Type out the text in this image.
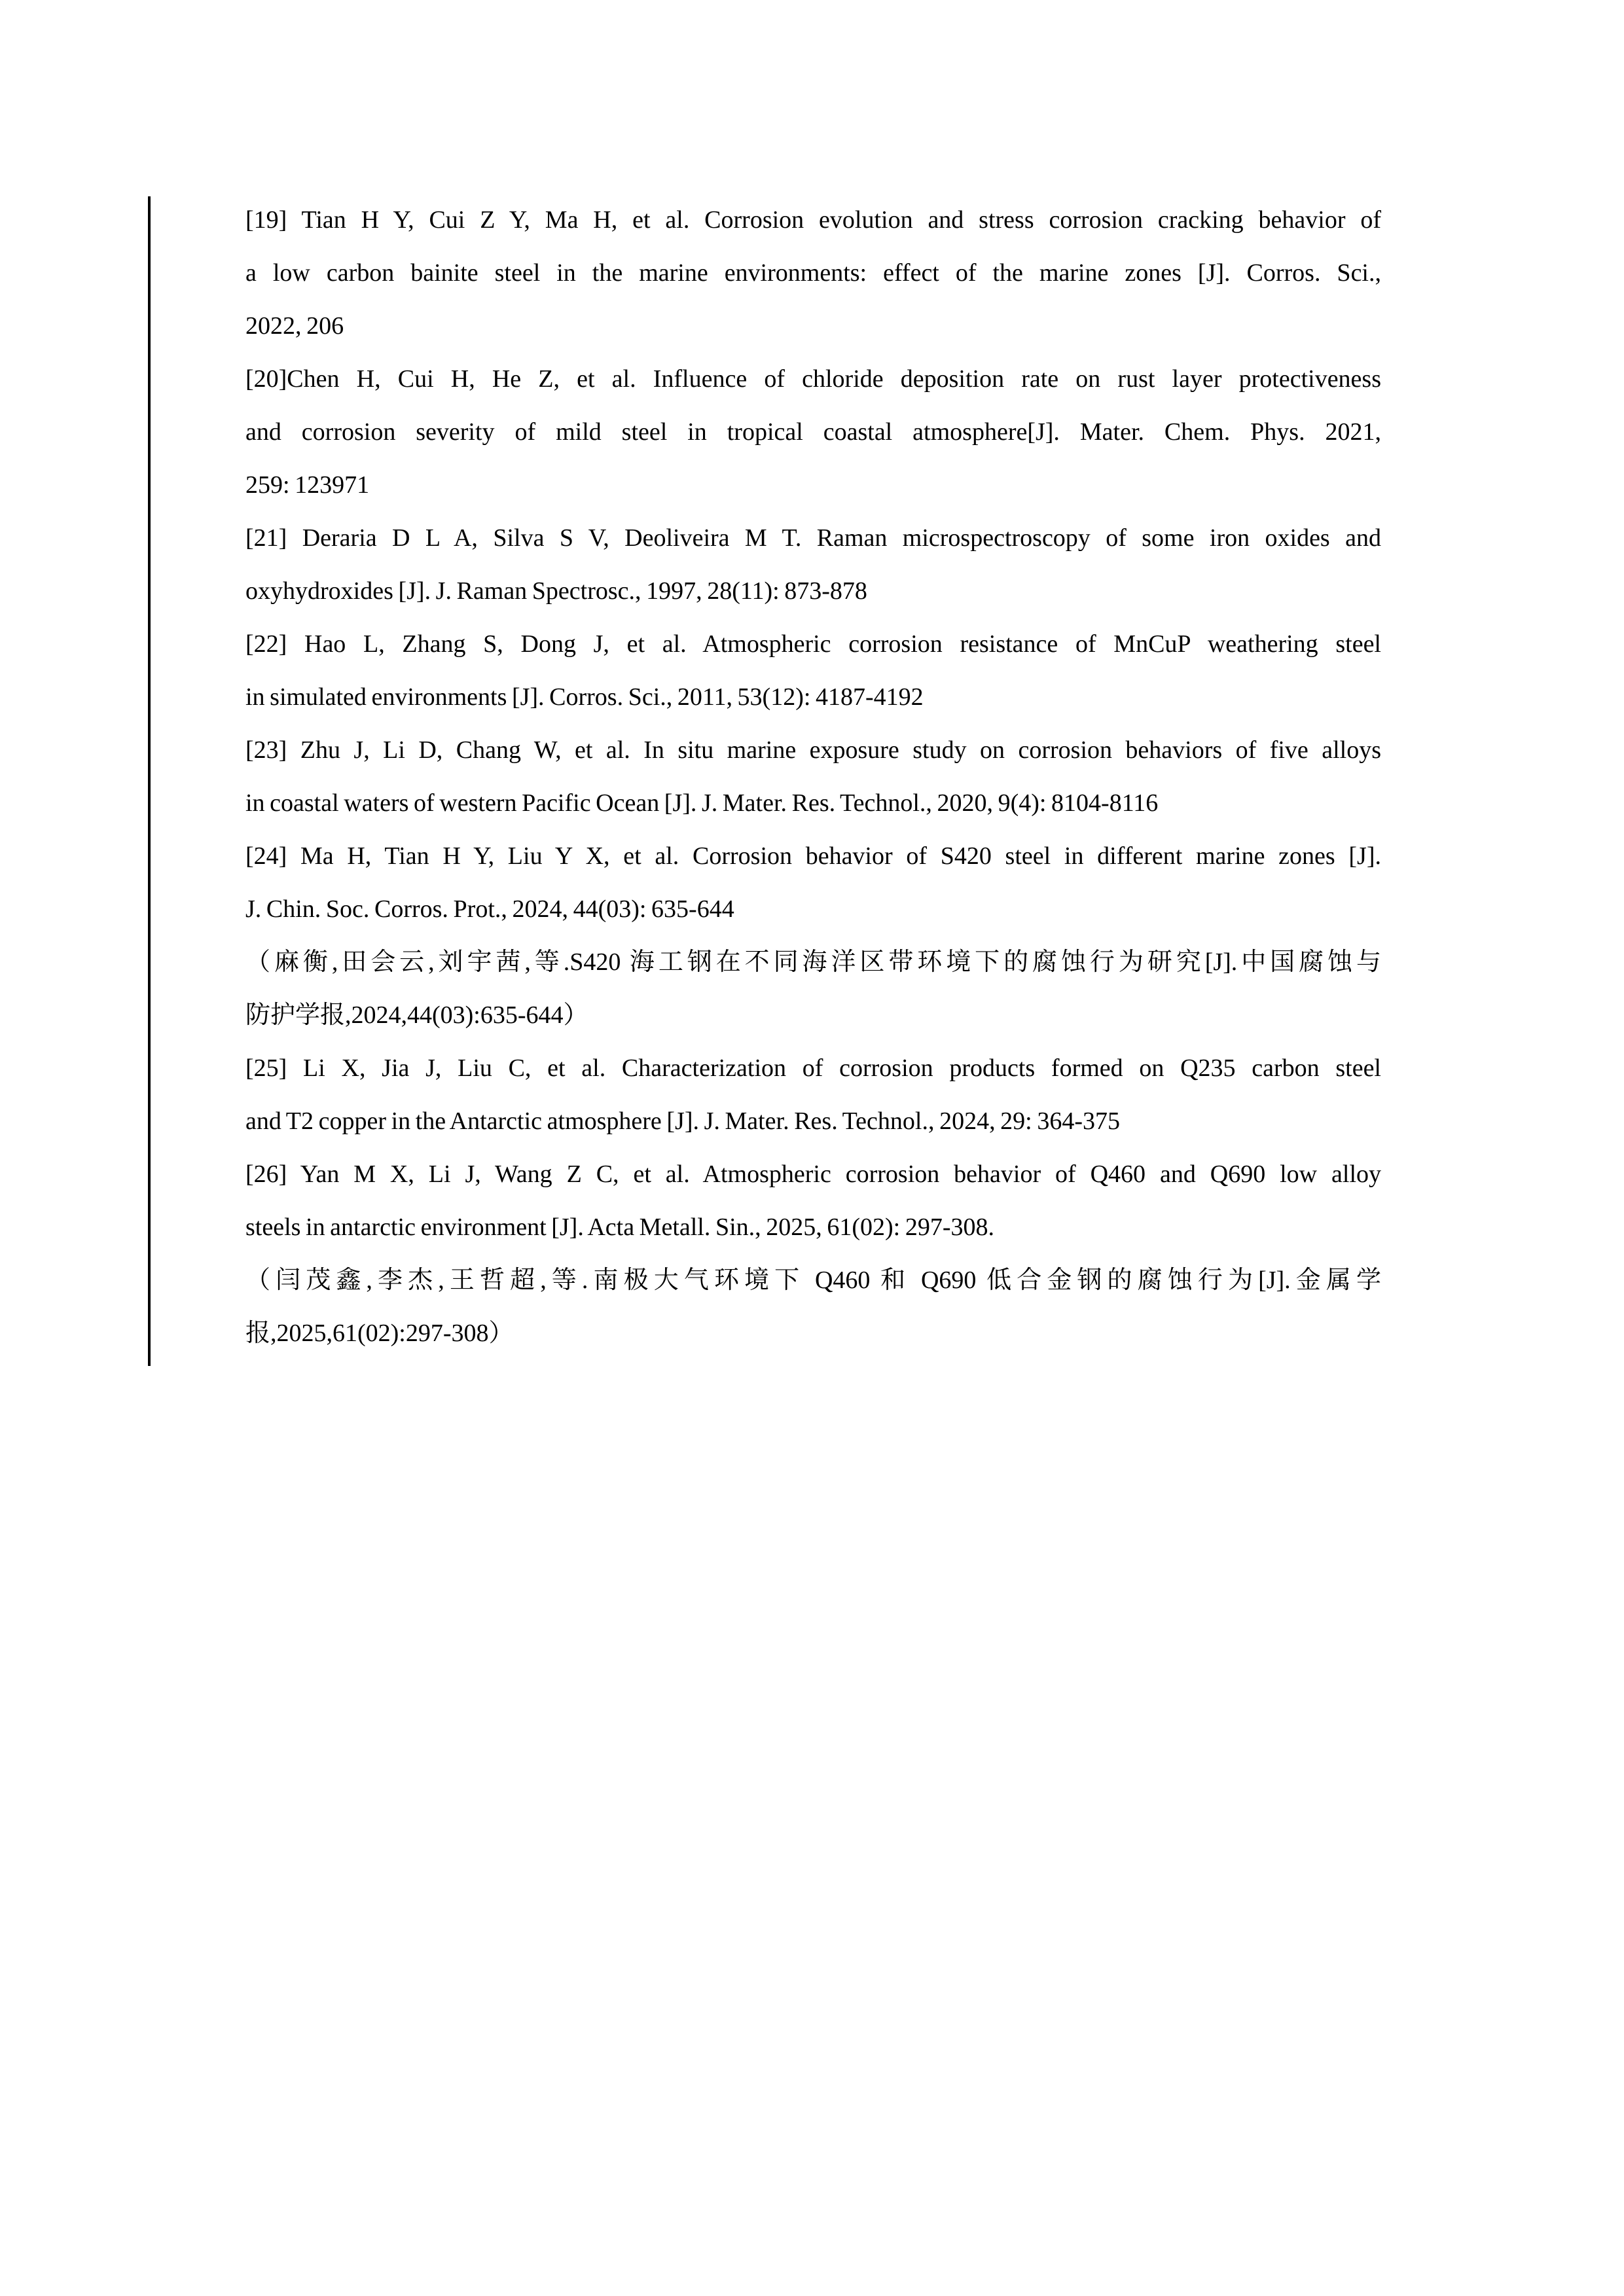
[19] Tian H Y, Cui Z Y, Ma H, et al. Corrosion evolution and stress corrosion cracking behavior of
a low carbon bainite steel in the marine environments: effect of the marine zones [J]. Corros. Sci.,
2022, 206
[20]Chen H, Cui H, He Z, et al. Influence of chloride deposition rate on rust layer protectiveness
and corrosion severity of mild steel in tropical coastal atmosphere[J]. Mater. Chem. Phys. 2021,
259: 123971
[21] Deraria D L A, Silva S V, Deoliveira M T. Raman microspectroscopy of some iron oxides and
oxyhydroxides [J]. J. Raman Spectrosc., 1997, 28(11): 873-878
[22] Hao L, Zhang S, Dong J, et al. Atmospheric corrosion resistance of MnCuP weathering steel
in simulated environments [J]. Corros. Sci., 2011, 53(12): 4187-4192
[23] Zhu J, Li D, Chang W, et al. In situ marine exposure study on corrosion behaviors of five alloys
in coastal waters of western Pacific Ocean [J]. J. Mater. Res. Technol., 2020, 9(4): 8104-8116
[24] Ma H, Tian H Y, Liu Y X, et al. Corrosion behavior of S420 steel in different marine zones [J].
J. Chin. Soc. Corros. Prot., 2024, 44(03): 635-644
（麻衡,田会云,刘宇茜,等.S420 海工钢在不同海洋区带环境下的腐蚀行为研究[J].中国腐蚀与
防护学报,2024,44(03):635-644）
[25] Li X, Jia J, Liu C, et al. Characterization of corrosion products formed on Q235 carbon steel
and T2 copper in the Antarctic atmosphere [J]. J. Mater. Res. Technol., 2024, 29: 364-375
[26] Yan M X, Li J, Wang Z C, et al. Atmospheric corrosion behavior of Q460 and Q690 low alloy
steels in antarctic environment [J]. Acta Metall. Sin., 2025, 61(02): 297-308.
（闫茂鑫,李杰,王哲超,等.南极大气环境下 Q460 和 Q690 低合金钢的腐蚀行为[J].金属学
报,2025,61(02):297-308）
